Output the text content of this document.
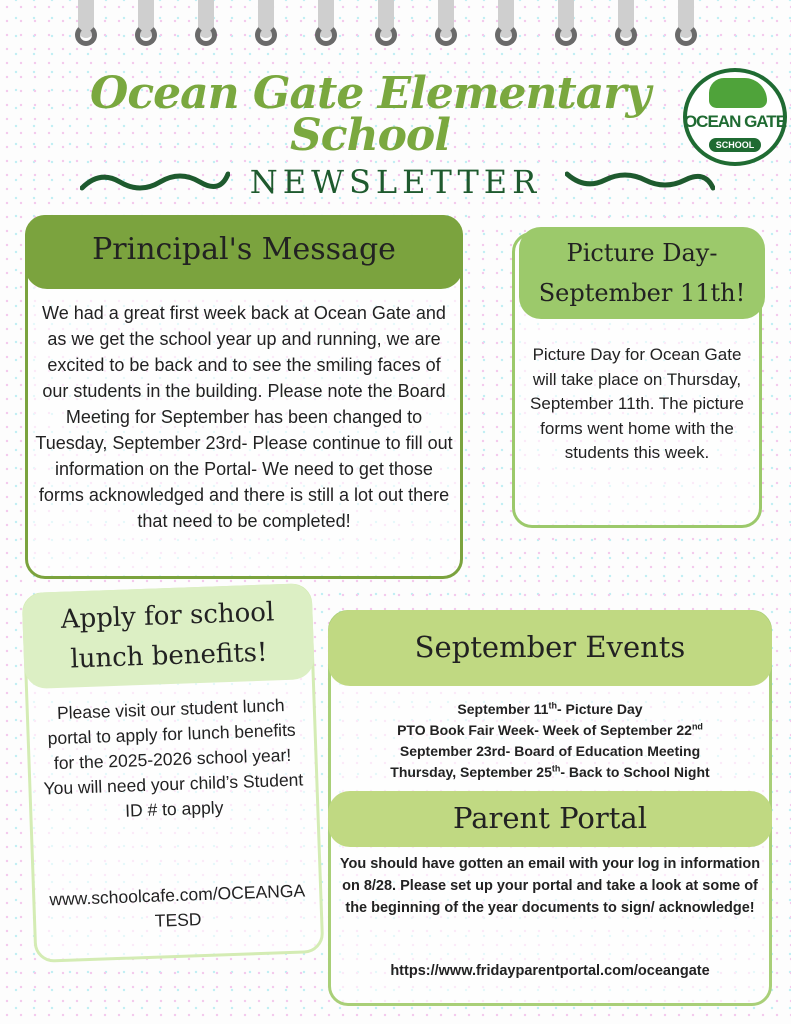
Ocean Gate Elementary
School	OCEAN GATE
SCHOOL
NEWSLETTER
Principal's Message
We had a great first week back at Ocean Gate and as we get the school year up and running, we are excited to be back and to see the smiling faces of our students in the building. Please note the Board Meeting for September has been changed to Tuesday, September 23rd- Please continue to fill out information on the Portal- We need to get those forms acknowledged and there is still a lot out there that need to be completed!
Picture Day- September 11th!
Picture Day for Ocean Gate will take place on Thursday, September 11th. The picture forms went home with the students this week.
Apply for school lunch benefits!
Please visit our student lunch portal to apply for lunch benefits for the 2025-2026 school year! You will need your child’s Student ID # to apply
www.schoolcafe.com/OCEANGATESD
September Events
September 11th- Picture Day
PTO Book Fair Week- Week of September 22nd
September 23rd- Board of Education Meeting
Thursday, September 25th- Back to School Night
Parent Portal
You should have gotten an email with your log in information on 8/28. Please set up your portal and take a look at some of the beginning of the year documents to sign/ acknowledge!
https://www.fridayparentportal.com/oceangate
